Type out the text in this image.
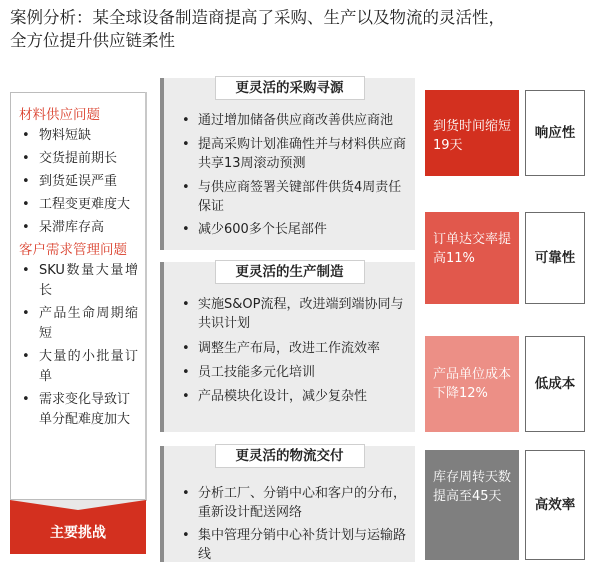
案例分析：某全球设备制造商提高了采购、生产以及物流的灵活性，
全方位提升供应链柔性
材料供应问题
• 物料短缺
• 交货提前期长
• 到货延误严重
• 工程变更难度大
• 呆滞库存高
客户需求管理问题
• SKU数量大量增长
• 产品生命周期缩短
• 大量的小批量订单
• 需求变化导致订单分配难度加大
主要挑战
更灵活的采购寻源
• 通过增加储备供应商改善供应商池
• 提高采购计划准确性并与材料供应商共享13周滚动预测
• 与供应商签署关键部件供货4周责任保证
• 减少600多个长尾部件
更灵活的生产制造
• 实施S&OP流程，改进端到端协同与共识计划
• 调整生产布局，改进工作流效率
• 员工技能多元化培训
• 产品模块化设计，减少复杂性
更灵活的物流交付
• 分析工厂、分销中心和客户的分布，重新设计配送网络
• 集中管理分销中心补货计划与运输路线
到货时间缩短19天
响应性
订单达交率提高11%	可靠性
产品单位成本下降12%
低成本
库存周转天数提高至45天
高效率
